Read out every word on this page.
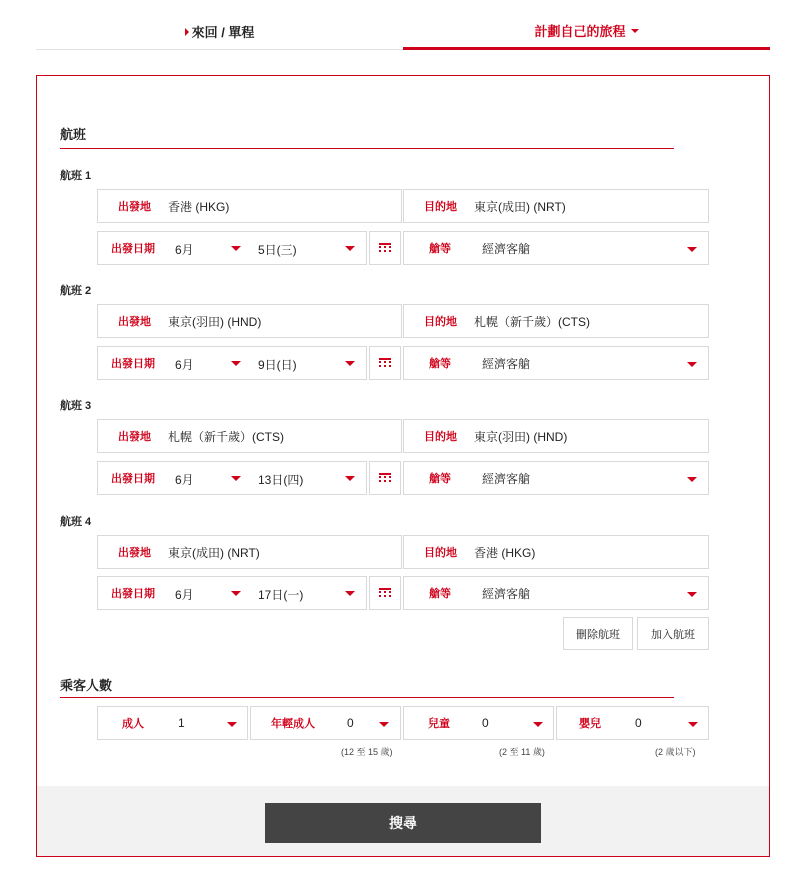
來回 / 單程	計劃自己的旅程
航班
航班 1
出發地 香港 (HKG)	目的地 東京(成田) (NRT)
出發日期 6月	5日(三)	艙等	經濟客艙
航班 2
出發地 東京(羽田) (HND)	目的地 札幌（新千歲）(CTS)
出發日期 6月	9日(日)	艙等	經濟客艙
航班 3
出發地 札幌（新千歲）(CTS)	目的地 東京(羽田) (HND)
出發日期 6月	13日(四)	艙等	經濟客艙
航班 4
出發地 東京(成田) (NRT)	目的地 香港 (HKG)
出發日期 6月	17日(一)	艙等	經濟客艙
刪除航班	加入航班
乘客人數
成人	1	年輕成人	0	兒童	0	嬰兒	0
(12 至 15 歲)	(2 至 11 歲)	(2 歲以下)
搜尋
